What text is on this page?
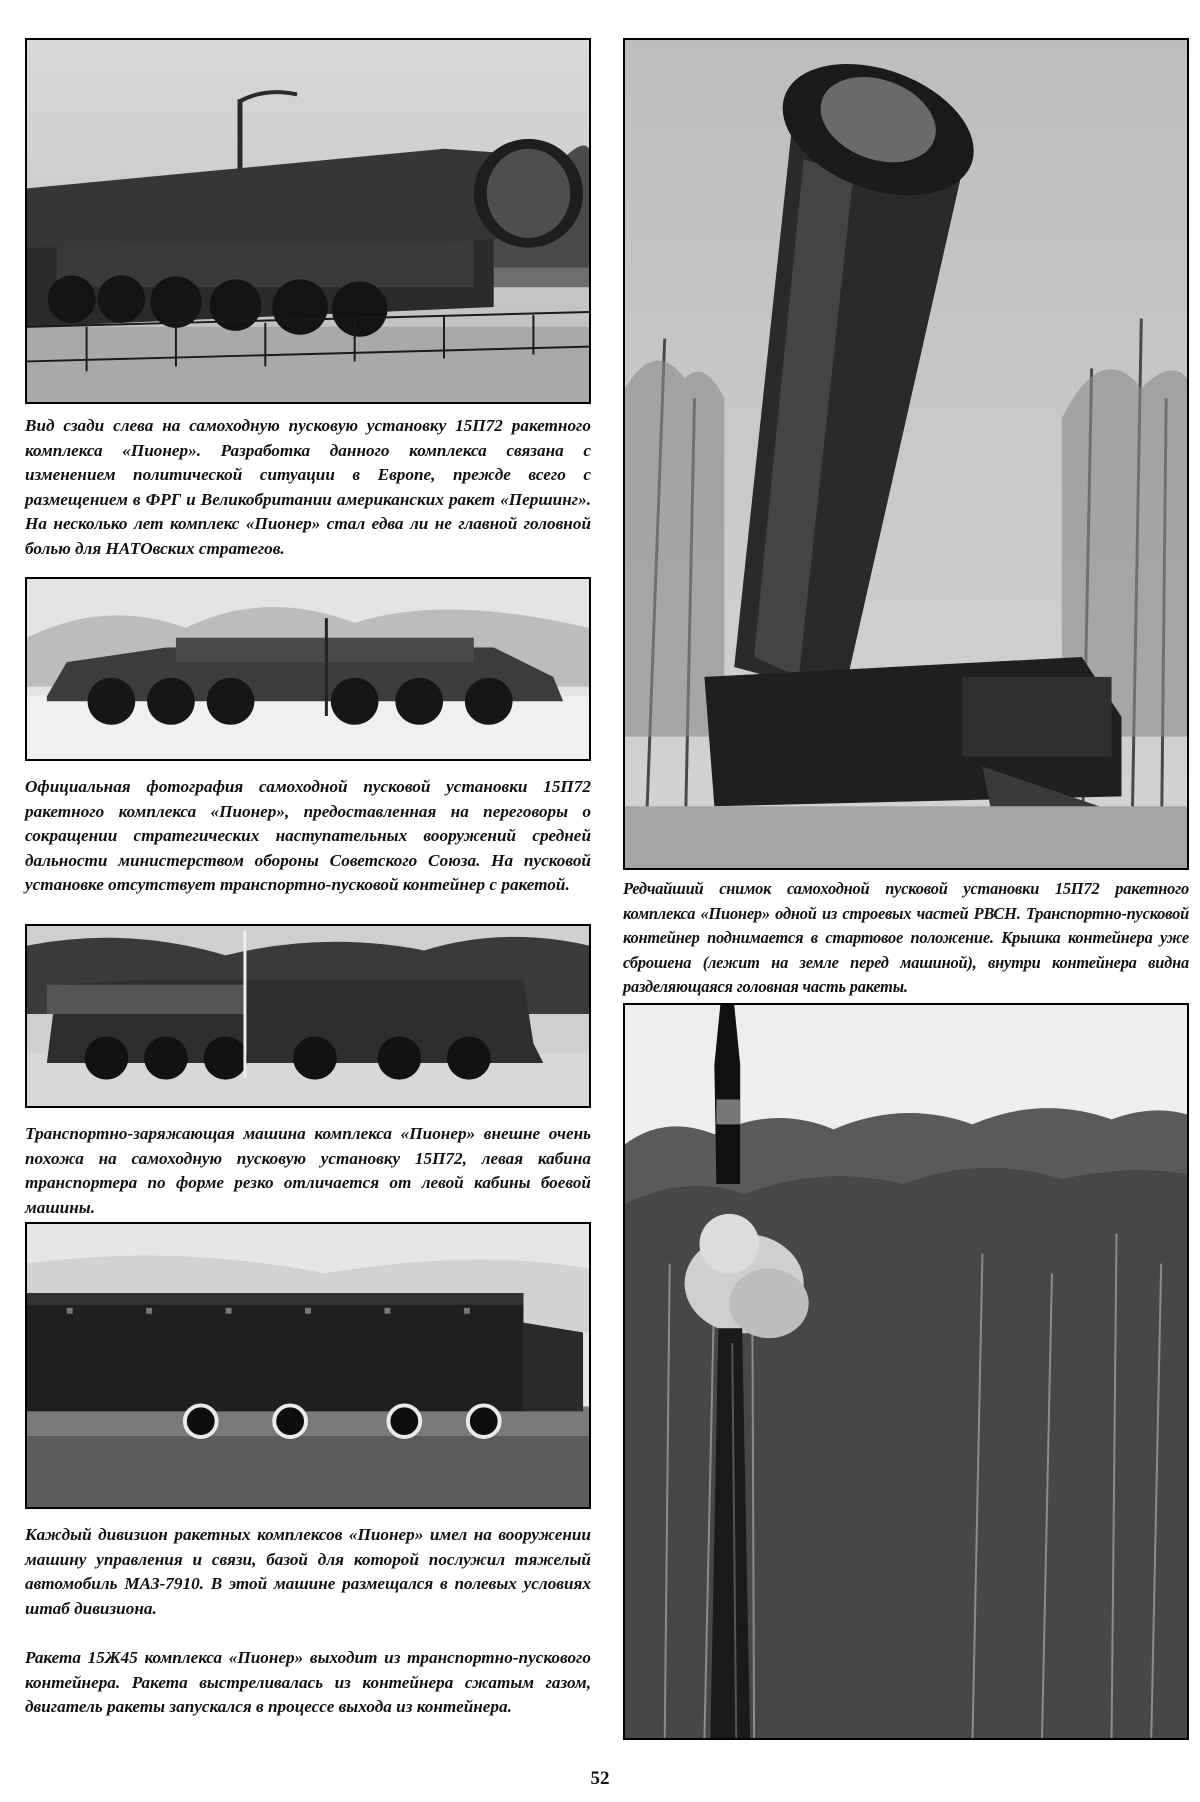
Вид сзади слева на самоходную пусковую установку 15П72 ракетного комплекса «Пионер». Разработка данного комплекса связана с изменением политической ситуации в Европе, прежде всего с размещением в ФРГ и Великобритании американских ракет «Першинг». На несколько лет комплекс «Пионер» стал едва ли не главной головной болью для НАТОвских стратегов.

Официальная фотография самоходной пусковой установки 15П72 ракетного комплекса «Пионер», предоставленная на переговоры о сокращении стратегических наступательных вооружений средней дальности министерством обороны Советского Союза. На пусковой установке отсутствует транспортно-пусковой контейнер с ракетой.

Транспортно-заряжающая машина комплекса «Пионер» внешне очень похожа на самоходную пусковую установку 15П72, левая кабина транспортера по форме резко отличается от левой кабины боевой машины.

Каждый дивизион ракетных комплексов «Пионер» имел на вооружении машину управления и связи, базой для которой послужил тяжелый автомобиль МАЗ-7910. В этой машине размещался в полевых условиях штаб дивизиона.

Ракета 15Ж45 комплекса «Пионер» выходит из транспортно-пускового контейнера. Ракета выстреливалась из контейнера сжатым газом, двигатель ракеты запускался в процессе выхода из контейнера.

Редчайший снимок самоходной пусковой установки 15П72 ракетного комплекса «Пионер» одной из строевых частей РВСН. Транспортно-пусковой контейнер поднимается в стартовое положение. Крышка контейнера уже сброшена (лежит на земле перед машиной), внутри контейнера видна разделяющаяся головная часть ракеты.

52
